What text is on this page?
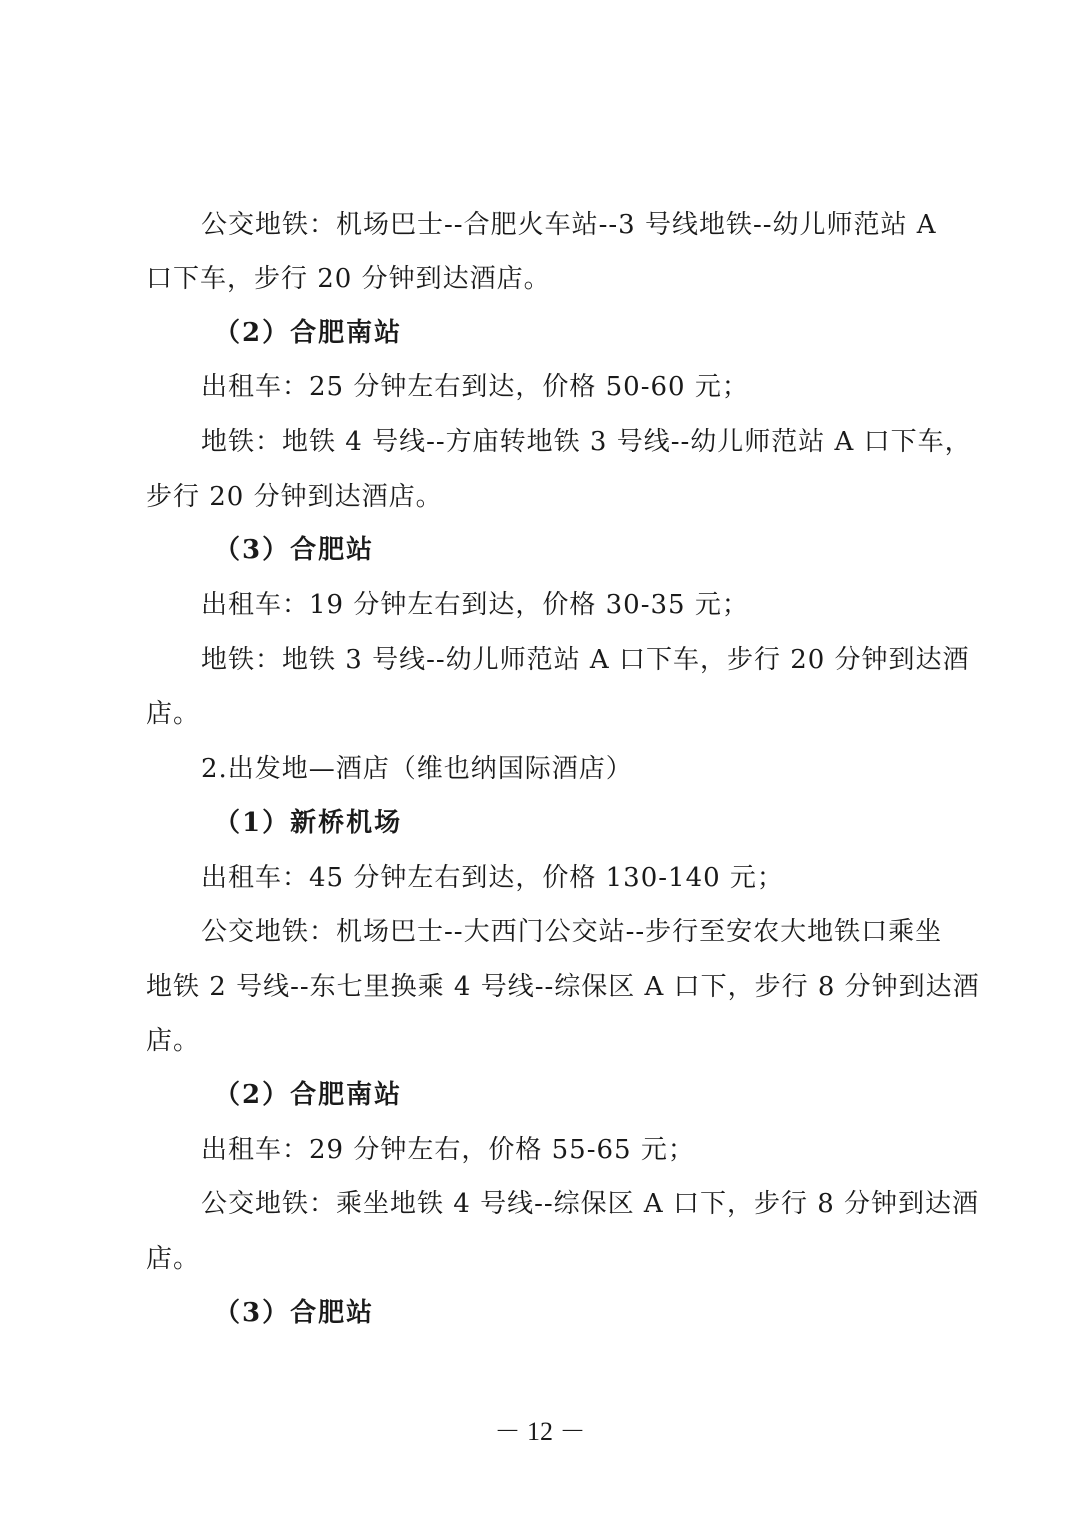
公交地铁：机场巴士--合肥火车站--3 号线地铁--幼儿师范站 A
口下车，步行 20 分钟到达酒店。
（2）合肥南站
出租车：25 分钟左右到达，价格 50-60 元；
地铁：地铁 4 号线--方庙转地铁 3 号线--幼儿师范站 A 口下车，
步行 20 分钟到达酒店。
（3）合肥站
出租车：19 分钟左右到达，价格 30-35 元；
地铁：地铁 3 号线--幼儿师范站 A 口下车，步行 20 分钟到达酒
店。
2.出发地—酒店（维也纳国际酒店）
（1）新桥机场
出租车：45 分钟左右到达，价格 130-140 元；
公交地铁：机场巴士--大西门公交站--步行至安农大地铁口乘坐
地铁 2 号线--东七里换乘 4 号线--综保区 A 口下，步行 8 分钟到达酒
店。
（2）合肥南站
出租车：29 分钟左右，价格 55-65 元；
公交地铁：乘坐地铁 4 号线--综保区 A 口下，步行 8 分钟到达酒
店。
（3）合肥站
－ 12 －
